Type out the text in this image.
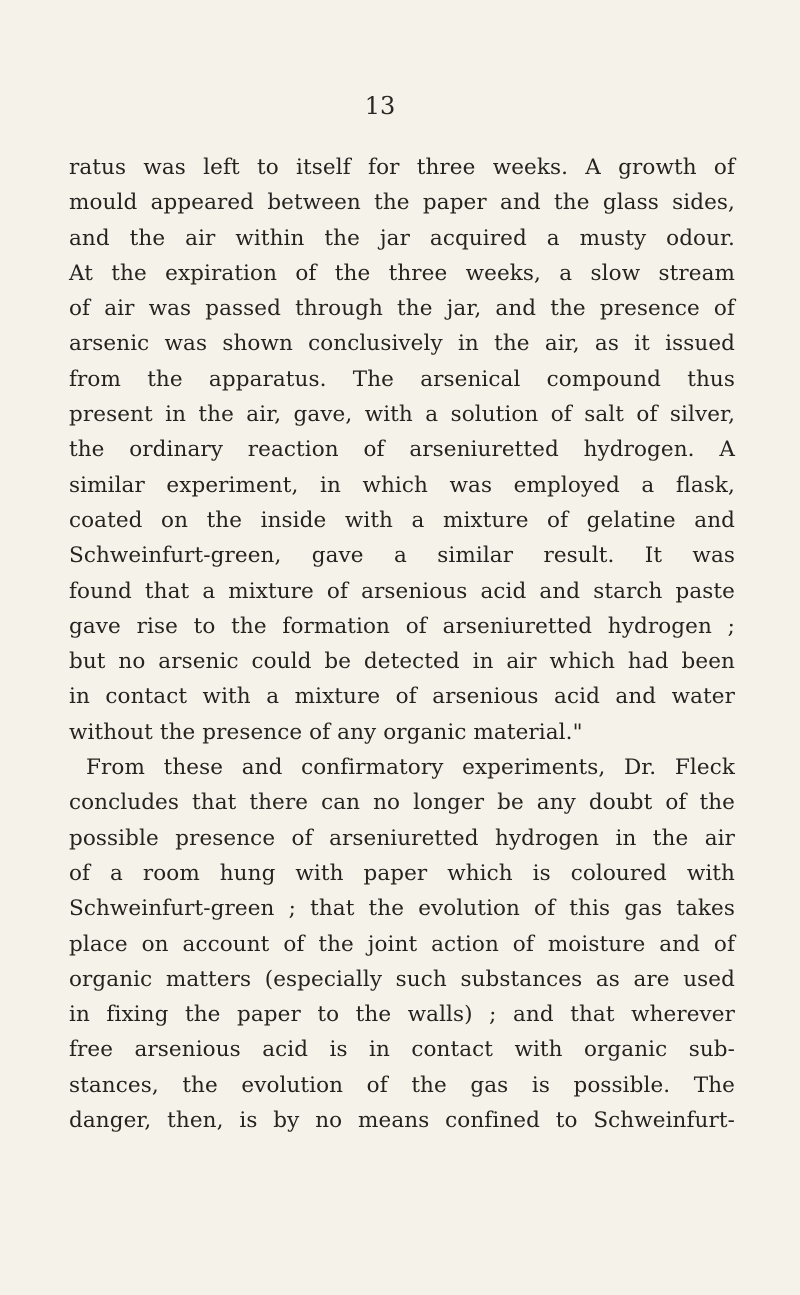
13
ratus was left to itself for three weeks. A growth of
mould appeared between the paper and the glass sides,
and the air within the jar acquired a musty odour.
At the expiration of the three weeks, a slow stream
of air was passed through the jar, and the presence of
arsenic was shown conclusively in the air, as it issued
from the apparatus. The arsenical compound thus
present in the air, gave, with a solution of salt of silver,
the ordinary reaction of arseniuretted hydrogen. A
similar experiment, in which was employed a flask,
coated on the inside with a mixture of gelatine and
Schweinfurt-green, gave a similar result. It was
found that a mixture of arsenious acid and starch paste
gave rise to the formation of arseniuretted hydrogen ;
but no arsenic could be detected in air which had been
in contact with a mixture of arsenious acid and water
without the presence of any organic material."
From these and confirmatory experiments, Dr. Fleck
concludes that there can no longer be any doubt of the
possible presence of arseniuretted hydrogen in the air
of a room hung with paper which is coloured with
Schweinfurt-green ; that the evolution of this gas takes
place on account of the joint action of moisture and of
organic matters (especially such substances as are used
in fixing the paper to the walls) ; and that wherever
free arsenious acid is in contact with organic sub-
stances, the evolution of the gas is possible. The
danger, then, is by no means confined to Schweinfurt-
